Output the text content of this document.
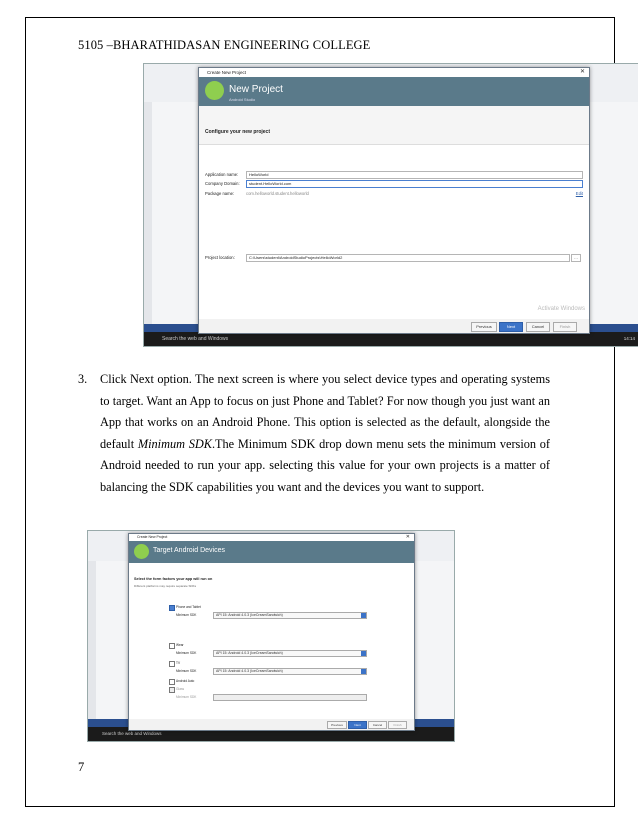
5105 –BHARATHIDASAN ENGINEERING COLLEGE
Search the web and Windows	14:14
Create New Project	✕
New Project
Android Studio
Configure your new project
Application name:	HelloWorld
Company Domain:	student.HelloWorld.com
Package name:	com.helloworld.student.helloworld	Edit
Project location:	C:\Users\student\AndroidStudioProjects\HelloWorld2	…
Activate Windows
Previous	Next	Cancel	Finish
3. Click Next option. The next screen is where you select device types and operating systems to target. Want an App to focus on just Phone and Tablet? For now though you just want an App that works on an Android Phone. This option is selected as the default, alongside the default Minimum SDK.The Minimum SDK drop down menu sets the minimum version of Android needed to run your app. selecting this value for your own projects is a matter of balancing the SDK capabilities you want and the devices you want to support.
Search the web and Windows
Create New Project	✕
Target Android Devices
Select the form factors your app will run on
Different platforms may require separate SDKs
Phone and Tablet
Minimum SDK	API 15: Android 4.0.3 (IceCreamSandwich)
Wear
Minimum SDK	API 15: Android 4.0.3 (IceCreamSandwich)
TV
Minimum SDK	API 15: Android 4.0.3 (IceCreamSandwich)
Android Auto
Glass
Minimum SDK
Previous	Next	Cancel	Finish
7
